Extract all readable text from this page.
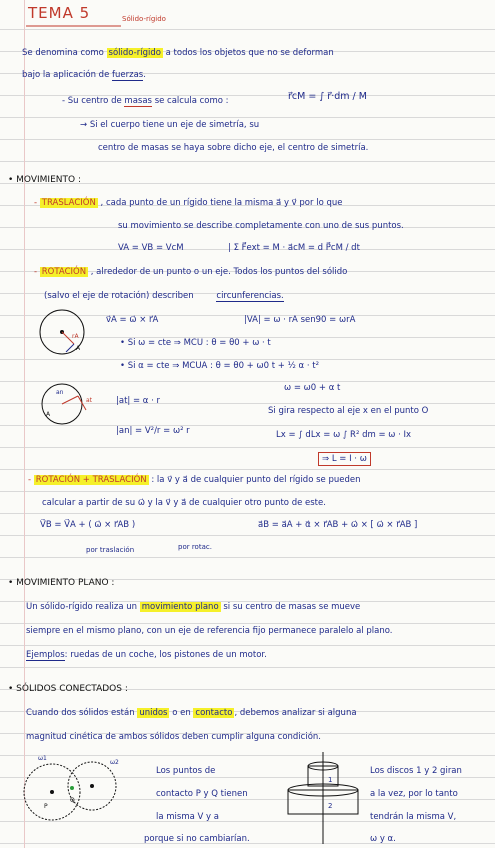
TEMA 5	Sólido-rígido
Se denomina como sólido-rígido a todos los objetos que no se deforman
bajo la aplicación de fuerzas.
- Su centro de masas se calcula como :	r⃗cM = ∫ r⃗·dm / M
→ Si el cuerpo tiene un eje de simetría, su
centro de masas se haya sobre dicho eje, el centro de simetría.
• MOVIMIENTO :
- TRASLACIÓN , cada punto de un rígido tiene la misma a⃗ y v⃗ por lo que
su movimiento se describe completamente con uno de sus puntos.
VA = VB = VcM	| Σ F⃗ext = M · a⃗cM = d P⃗cM / dt
- ROTACIÓN , alrededor de un punto o un eje. Todos los puntos del sólido
(salvo el eje de rotación) describen	circunferencias.
rA
A
v⃗A = ω⃗ × r⃗A	|VA| = ω · rA sen90 = ωrA
• Si ω = cte ⇒ MCU : θ = θ0 + ω · t
• Si α = cte ⇒ MCUA : θ = θ0 + ω0 t + ½ α · t²
ω = ω0 + α t
A
an
at	|at| = α · r
|an| = V²/r = ω² r
Si gira respecto al eje x en el punto O
Lx = ∫ dLx = ω ∫ R² dm = ω · Ix
⇒ L = I · ω
- ROTACIÓN + TRASLACIÓN : la v⃗ y a⃗ de cualquier punto del rígido se pueden
calcular a partir de su ω⃗ y la v⃗ y a⃗ de cualquier otro punto de este.
V⃗B = V⃗A + ( ω⃗ × r⃗AB )	a⃗B = a⃗A + α⃗ × r⃗AB + ω⃗ × [ ω⃗ × r⃗AB ]
por traslación	por rotac.
• MOVIMIENTO PLANO :
Un sólido-rígido realiza un movimiento plano si su centro de masas se mueve
siempre en el mismo plano, con un eje de referencia fijo permanece paralelo al plano.
Ejemplos: ruedas de un coche, los pistones de un motor.
• SÓLIDOS CONECTADOS :
Cuando dos sólidos están unidos o en contacto , debemos analizar si alguna
magnitud cinética de ambos sólidos deben cumplir alguna condición.
P
Q
ω1
ω2
Los puntos de
contacto P y Q tienen
la misma V y a
porque si no cambiarían.
1
2
Los discos 1 y 2 giran
a la vez, por lo tanto
tendrán la misma V,
ω y α.
